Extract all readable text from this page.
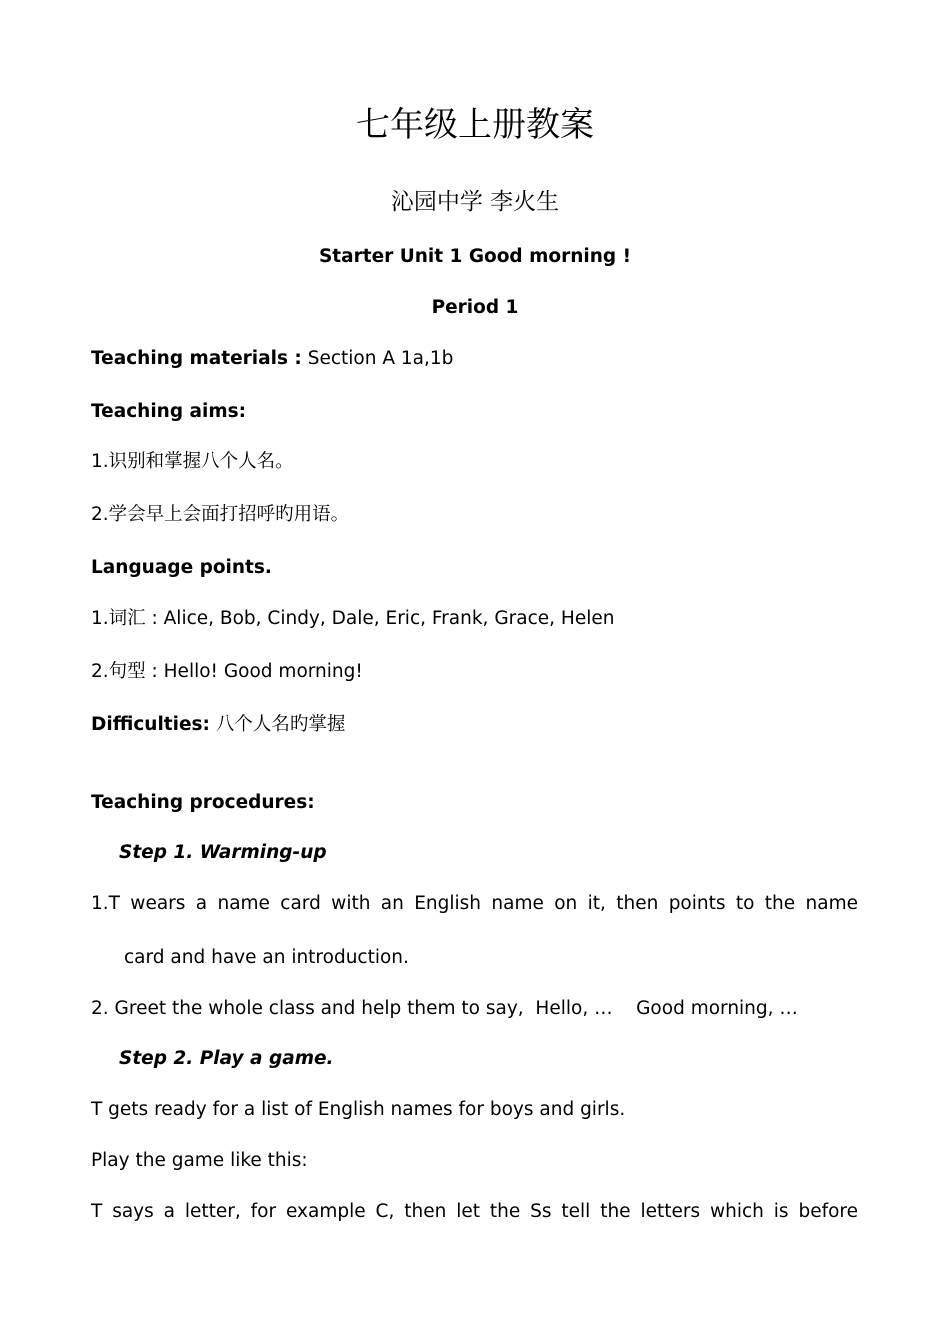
七年级上册教案
沁园中学 李火生
Starter Unit 1 Good morning !
Period 1
Teaching materials : Section A 1a,1b
Teaching aims:
1.识别和掌握八个人名。
2.学会早上会面打招呼旳用语。
Language points.
1.词汇 : Alice, Bob, Cindy, Dale, Eric, Frank, Grace, Helen
2.句型 : Hello! Good morning!
Difficulties: 八个人名旳掌握
Teaching procedures:
Step 1. Warming-up
1.T wears a name card with an English name on it, then points to the name
card and have an introduction.
2. Greet the whole class and help them to say,  Hello, …    Good morning, …
Step 2. Play a game.
T gets ready for a list of English names for boys and girls.
Play the game like this:
T says a letter, for example C, then let the Ss tell the letters which is before
